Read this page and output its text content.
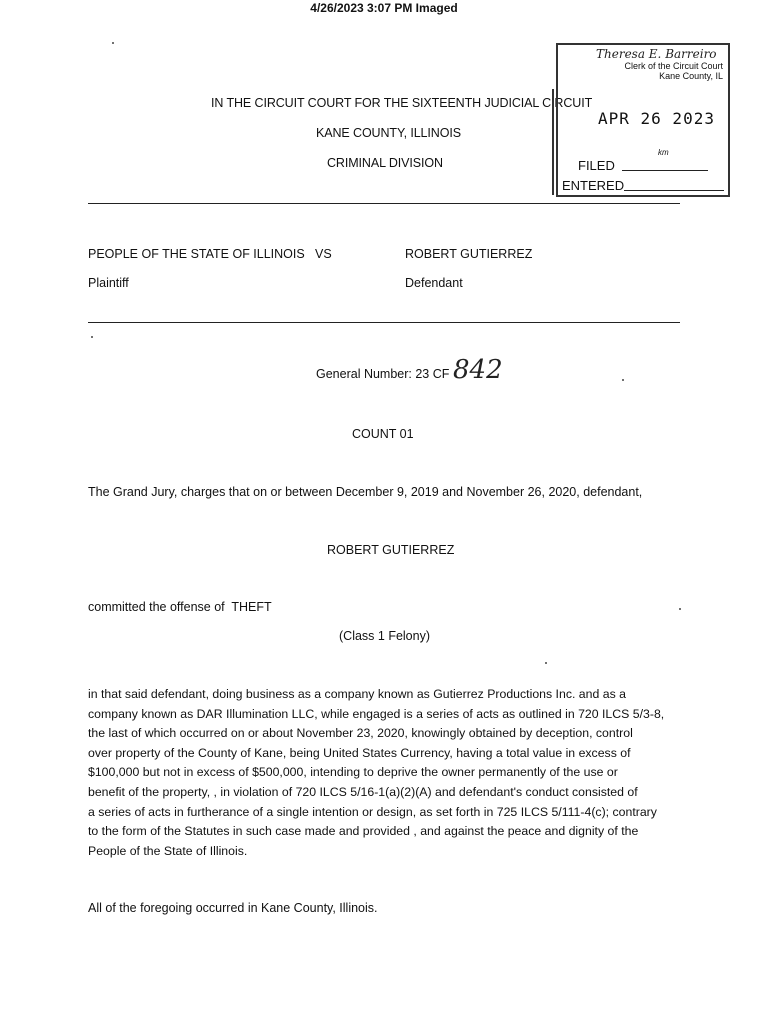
4/26/2023 3:07 PM Imaged
IN THE CIRCUIT COURT FOR THE SIXTEENTH JUDICIAL CIRCUIT
KANE COUNTY, ILLINOIS
CRIMINAL DIVISION
Theresa E. Barreiro
Clerk of the Circuit Court
Kane County, IL
APR 26 2023
km
FILED
ENTERED
PEOPLE OF THE STATE OF ILLINOIS VS	ROBERT GUTIERREZ
Plaintiff	Defendant
General Number: 23 CF 842
COUNT 01
The Grand Jury, charges that on or between December 9, 2019 and November 26, 2020, defendant,
ROBERT GUTIERREZ
committed the offense of THEFT
(Class 1 Felony)
in that said defendant, doing business as a company known as Gutierrez Productions Inc. and as a
company known as DAR Illumination LLC, while engaged is a series of acts as outlined in 720 ILCS 5/3-8,
the last of which occurred on or about November 23, 2020, knowingly obtained by deception, control
over property of the County of Kane, being United States Currency, having a total value in excess of
$100,000 but not in excess of $500,000, intending to deprive the owner permanently of the use or
benefit of the property, , in violation of 720 ILCS 5/16-1(a)(2)(A) and defendant's conduct consisted of
a series of acts in furtherance of a single intention or design, as set forth in 725 ILCS 5/111-4(c); contrary
to the form of the Statutes in such case made and provided , and against the peace and dignity of the
People of the State of Illinois.
All of the foregoing occurred in Kane County, Illinois.
